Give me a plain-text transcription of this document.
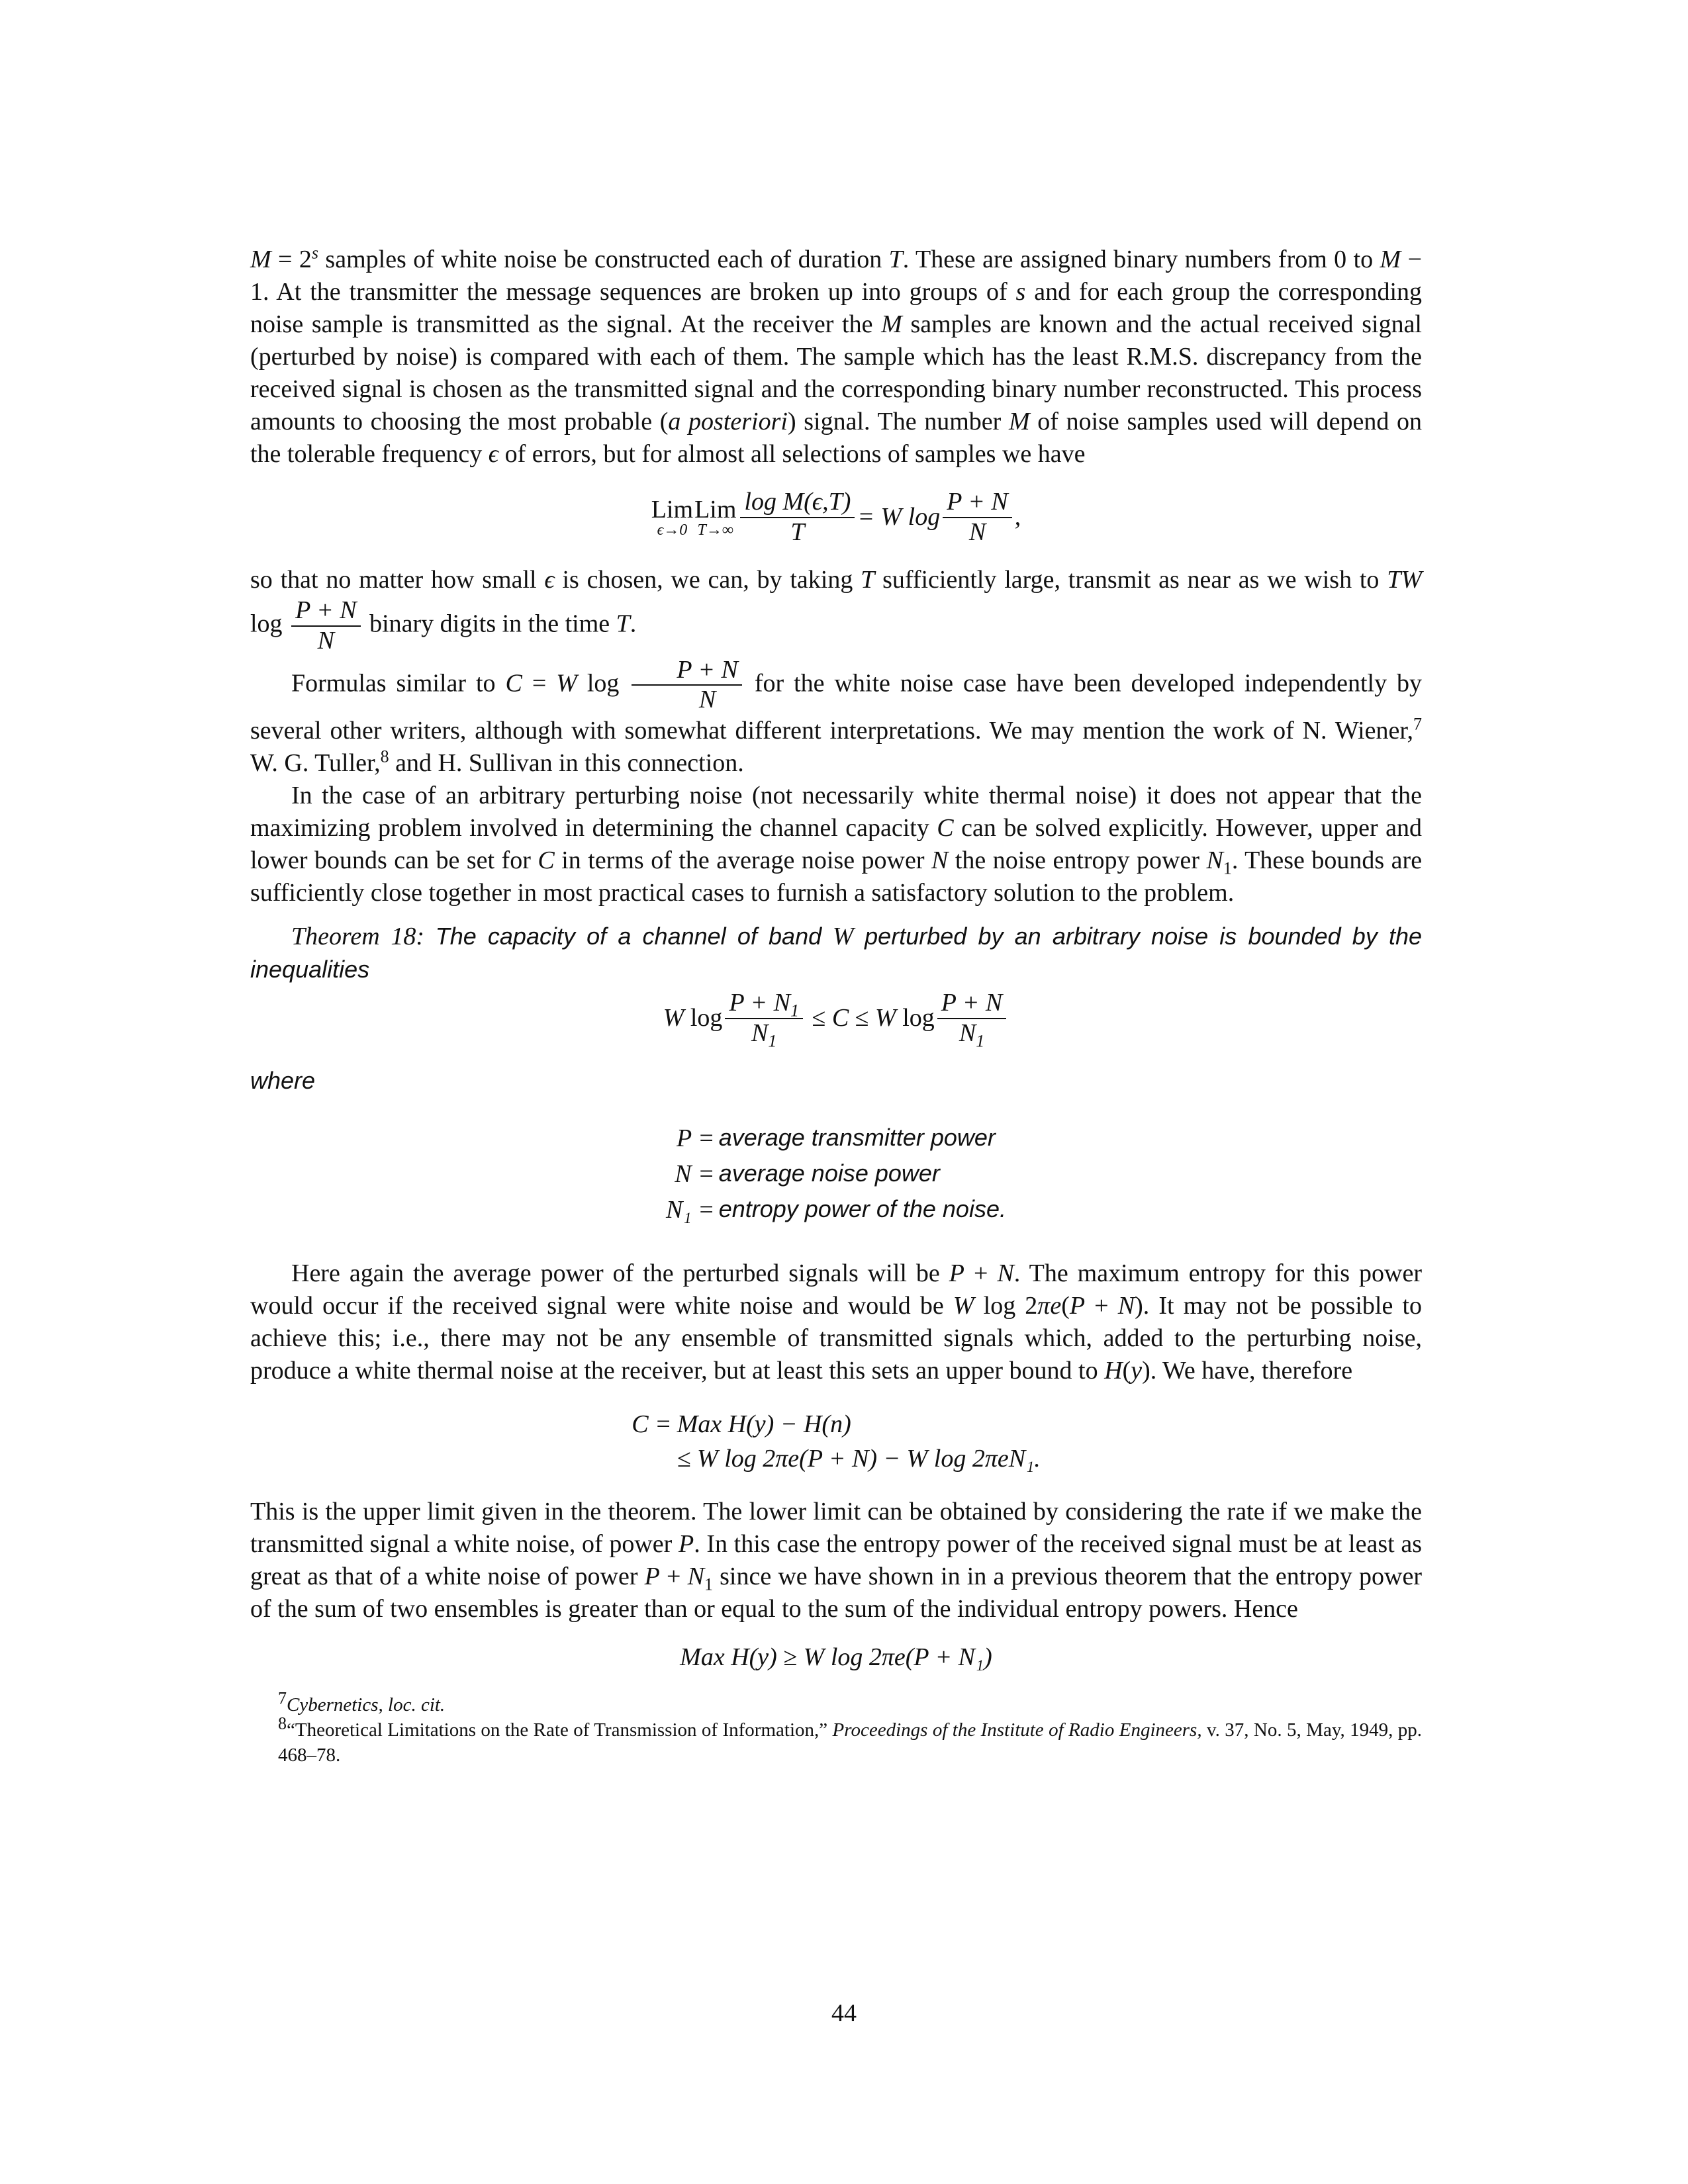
$M = 2^s$ samples of white noise be constructed each of duration T. These are assigned binary numbers from 0 to M − 1. At the transmitter the message sequences are broken up into groups of s and for each group the corresponding noise sample is transmitted as the signal. At the receiver the M samples are known and the actual received signal (perturbed by noise) is compared with each of them. The sample which has the least R.M.S. discrepancy from the received signal is chosen as the transmitted signal and the corresponding binary number reconstructed. This process amounts to choosing the most probable (a posteriori) signal. The number M of noise samples used will depend on the tolerable frequency ϵ of errors, but for almost all selections of samples we have

Lim
ϵ→0
Lim
$T\to\infty \frac{\text{log M(ϵ,T)}}{T} = W$ $\log \frac{P + N}{N}$ ,

so that no matter how small ϵ is chosen, we can, by taking T sufficiently large, transmit as near as we wish to TW $\log \frac{P + N}{N}$ binary digits in the time T.

Formulas similar to C = W $\log \frac{P + N}{N}$ for the white noise case have been developed independently by several other writers, although with somewhat different interpretations. We may mention the work of N. Wiener,$^7$ W. G. Tuller,$^8$ and H. Sullivan in this connection.

In the case of an arbitrary perturbing noise (not necessarily white thermal noise) it does not appear that the maximizing problem involved in determining the channel capacity C can be solved explicitly. However, upper and lower bounds can be set for C in terms of the average noise power N the noise entropy power $N_1$. These bounds are sufficiently close together in most practical cases to furnish a satisfactory solution to the problem.

Theorem 18: The capacity of a channel of band W perturbed by an arbitrary noise is bounded by the inequalities

W $\log \frac{P + N_1}{N_1} \le C \le W$ $\log \frac{P + N}{N_1}$

where

P = average transmitter power
N = average noise power
N₁ = entropy power of the noise.

Here again the average power of the perturbed signals will be P + N. The maximum entropy for this power would occur if the received signal were white noise and would be W log 2πe(P + N). It may not be possible to achieve this; i.e., there may not be any ensemble of transmitted signals which, added to the perturbing noise, produce a white thermal noise at the receiver, but at least this sets an upper bound to H(y). We have, therefore

C = Max H(y) − H(n)
≤ W log 2πe(P + N) − W log 2πeN₁.

This is the upper limit given in the theorem. The lower limit can be obtained by considering the rate if we make the transmitted signal a white noise, of power P. In this case the entropy power of the received signal must be at least as great as that of a white noise of power $P + N_1$ since we have shown in in a previous theorem that the entropy power of the sum of two ensembles is greater than or equal to the sum of the individual entropy powers. Hence

Max H(y) ≥ W log 2πe(P + N₁)

$^7$Cybernetics, loc. cit.

$^8$“Theoretical Limitations on the Rate of Transmission of Information,” Proceedings of the Institute of Radio Engineers, v. 37, No. 5, May, 1949, pp. 468–78.

44
